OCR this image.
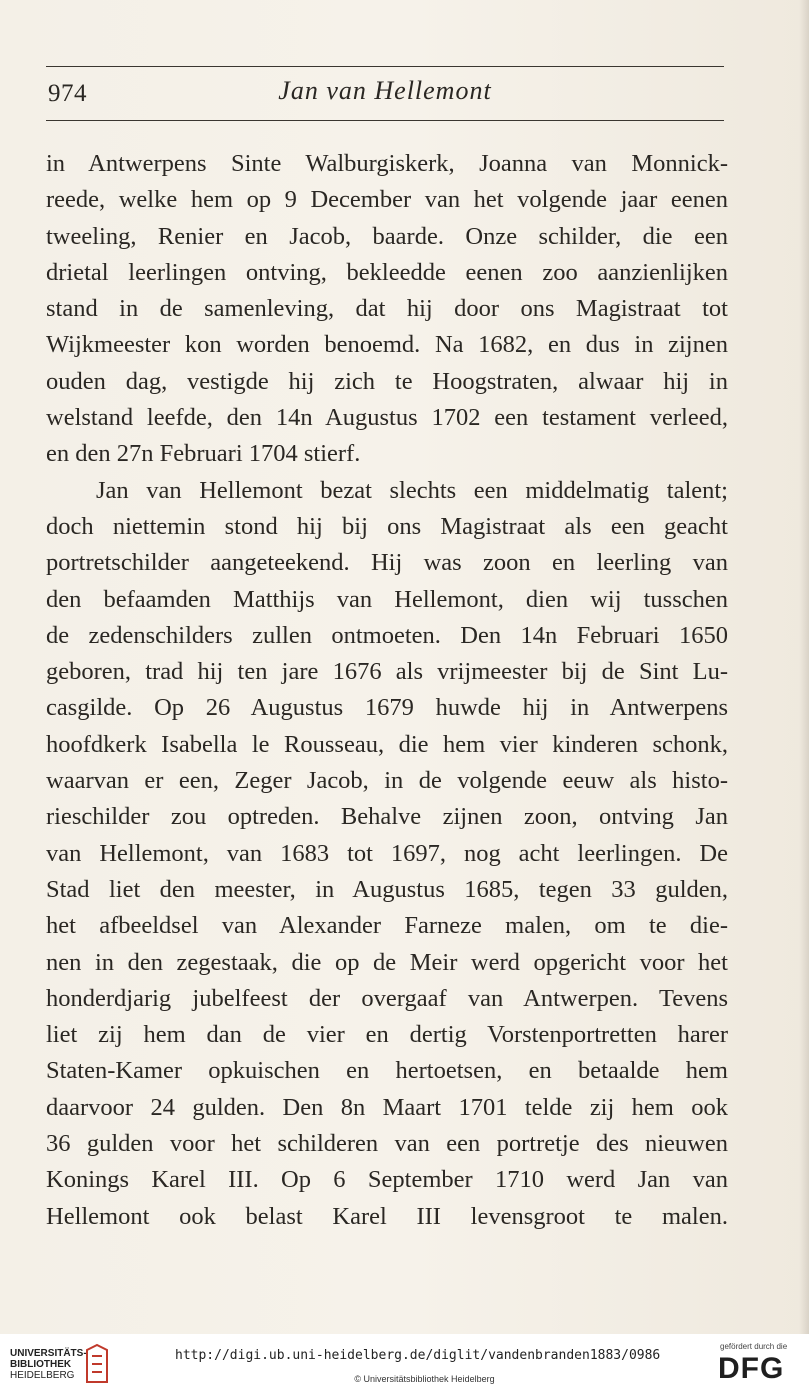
974	Jan van Hellemont
in Antwerpens Sinte Walburgiskerk, Joanna van Monnick-
reede, welke hem op 9 December van het volgende jaar eenen
tweeling, Renier en Jacob, baarde. Onze schilder, die een
drietal leerlingen ontving, bekleedde eenen zoo aanzienlijken
stand in de samenleving, dat hij door ons Magistraat tot
Wijkmeester kon worden benoemd. Na 1682, en dus in zijnen
ouden dag, vestigde hij zich te Hoogstraten, alwaar hij in
welstand leefde, den 14n Augustus 1702 een testament verleed,
en den 27n Februari 1704 stierf.
Jan van Hellemont bezat slechts een middelmatig talent;
doch niettemin stond hij bij ons Magistraat als een geacht
portretschilder aangeteekend. Hij was zoon en leerling van
den befaamden Matthijs van Hellemont, dien wij tusschen
de zedenschilders zullen ontmoeten. Den 14n Februari 1650
geboren, trad hij ten jare 1676 als vrijmeester bij de Sint Lu-
casgilde. Op 26 Augustus 1679 huwde hij in Antwerpens
hoofdkerk Isabella le Rousseau, die hem vier kinderen schonk,
waarvan er een, Zeger Jacob, in de volgende eeuw als histo-
rieschilder zou optreden. Behalve zijnen zoon, ontving Jan
van Hellemont, van 1683 tot 1697, nog acht leerlingen. De
Stad liet den meester, in Augustus 1685, tegen 33 gulden,
het afbeeldsel van Alexander Farneze malen, om te die-
nen in den zegestaak, die op de Meir werd opgericht voor het
honderdjarig jubelfeest der overgaaf van Antwerpen. Tevens
liet zij hem dan de vier en dertig Vorstenportretten harer
Staten-Kamer opkuischen en hertoetsen, en betaalde hem
daarvoor 24 gulden. Den 8n Maart 1701 telde zij hem ook
36 gulden voor het schilderen van een portretje des nieuwen
Konings Karel III. Op 6 September 1710 werd Jan van
Hellemont ook belast Karel III levensgroot te malen.
UNIVERSITÄTS-
BIBLIOTHEK
HEIDELBERG
http://digi.ub.uni-heidelberg.de/diglit/vandenbranden1883/0986
© Universitätsbibliothek Heidelberg
gefördert durch die
DFG
